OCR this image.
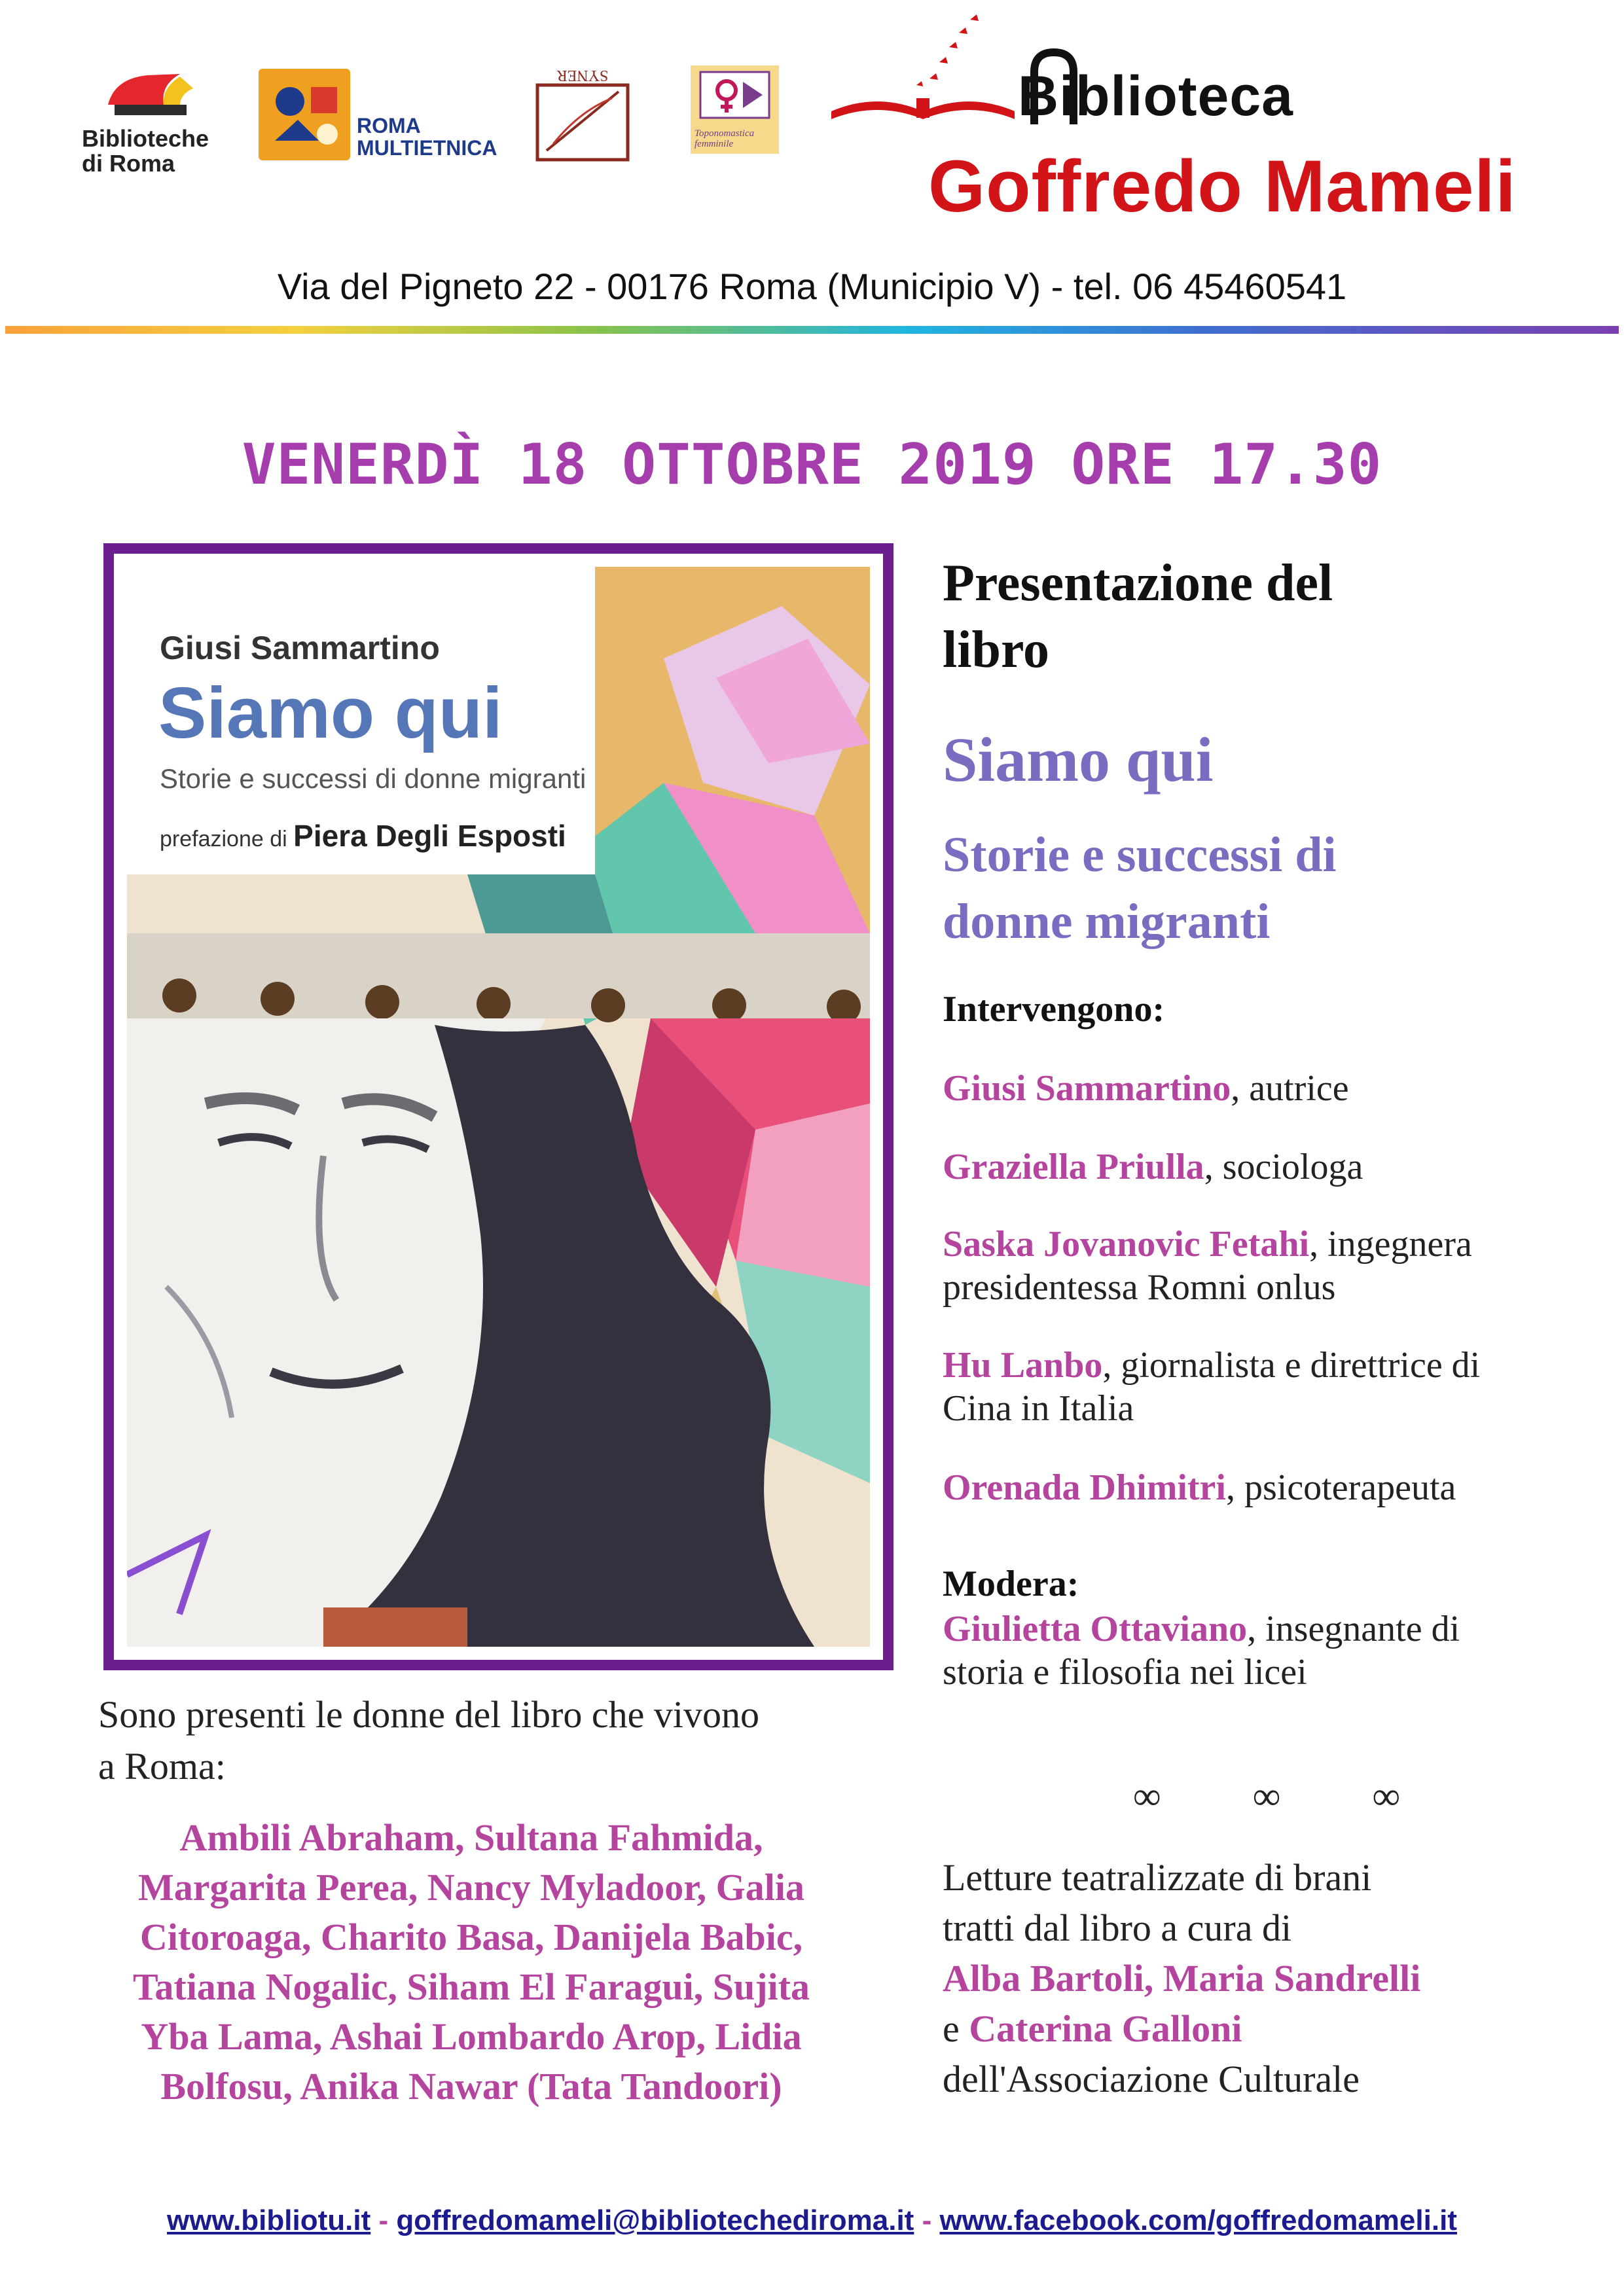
Biblioteche
di Roma
ROMA
MULTIETNICA
SYNER
Toponomastica femminile
Biblioteca
Goffredo Mameli
Via del Pigneto 22 - 00176 Roma (Municipio V) - tel. 06 45460541
VENERDÌ 18 OTTOBRE 2019 ORE 17.30
Giusi Sammartino
Siamo qui
Storie e successi di donne migranti
prefazione di Piera Degli Esposti
Presentazione del
libro
Siamo qui
Storie e successi di
donne migranti
Intervengono:
Giusi Sammartino, autrice
Graziella Priulla, sociologa
Saska Jovanovic Fetahi, ingegnera
presidentessa Romni onlus
Hu Lanbo, giornalista e direttrice di
Cina in Italia
Orenada Dhimitri, psicoterapeuta
Modera:
Giulietta Ottaviano, insegnante di
storia e filosofia nei licei
∞ ∞ ∞
Letture teatralizzate di brani
tratti dal libro a cura di
Alba Bartoli, Maria Sandrelli
e Caterina Galloni
dell'Associazione Culturale
Sono presenti le donne del libro che vivono
a Roma:
Ambili Abraham, Sultana Fahmida,
Margarita Perea, Nancy Myladoor, Galia
Citoroaga, Charito Basa, Danijela Babic,
Tatiana Nogalic, Siham El Faragui, Sujita
Yba Lama, Ashai Lombardo Arop, Lidia
Bolfosu, Anika Nawar (Tata Tandoori)
www.bibliotu.it - goffredomameli@bibliotechediroma.it - www.facebook.com/goffredomameli.it
